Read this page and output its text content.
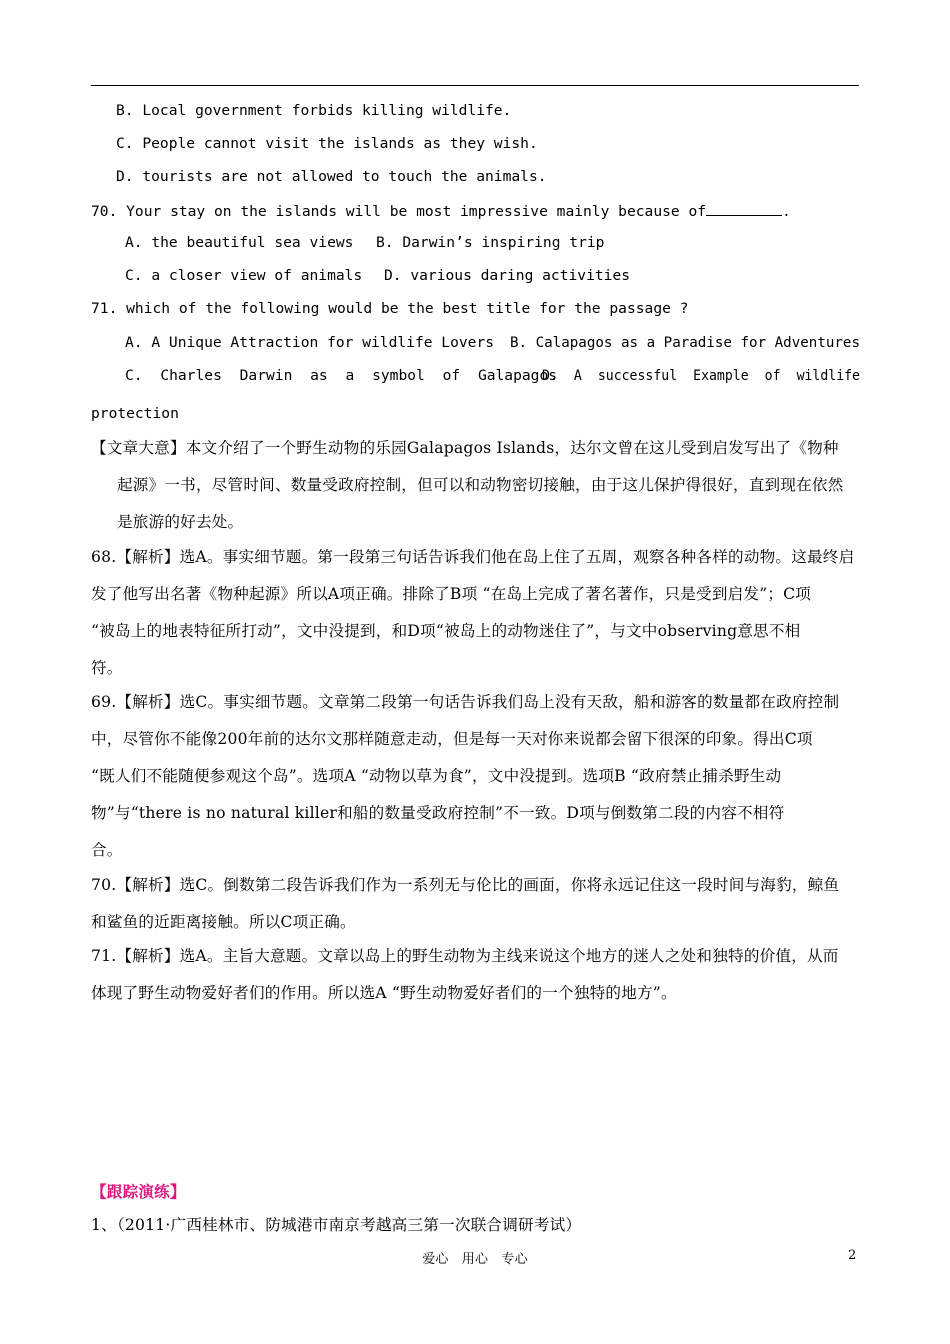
B. Local government forbids killing wildlife.
C. People cannot visit the islands as they wish.
D. tourists are not allowed to touch the animals.
70. Your stay on the islands will be most impressive mainly because of	.
A. the beautiful sea views B. Darwin’s inspiring trip
C. a closer view of animals D. various daring activities
71. which of the following would be the best title for the passage ?
A. A Unique Attraction for wildlife Lovers B. Calapagos as a Paradise for Adventures
C. Charles Darwin as a symbol of Galapagos
D. A successful Example of wildlife
protection
【文章大意】本文介绍了一个野生动物的乐园Galapagos Islands，达尔文曾在这儿受到启发写出了《物种
起源》一书，尽管时间、数量受政府控制，但可以和动物密切接触，由于这儿保护得很好，直到现在依然
是旅游的好去处。
68.【解析】选A。事实细节题。第一段第三句话告诉我们他在岛上住了五周，观察各种各样的动物。这最终启
发了他写出名著《物种起源》所以A项正确。排除了B项 “在岛上完成了著名著作，只是受到启发”；C项
“被岛上的地表特征所打动”，文中没提到，和D项“被岛上的动物迷住了”，与文中observing意思不相
符。
69.【解析】选C。事实细节题。文章第二段第一句话告诉我们岛上没有天敌，船和游客的数量都在政府控制
中，尽管你不能像200年前的达尔文那样随意走动，但是每一天对你来说都会留下很深的印象。得出C项
“既人们不能随便参观这个岛”。选项A “动物以草为食”，文中没提到。选项B “政府禁止捕杀野生动
物”与“there is no natural killer和船的数量受政府控制”不一致。D项与倒数第二段的内容不相符
合。
70.【解析】选C。倒数第二段告诉我们作为一系列无与伦比的画面，你将永远记住这一段时间与海豹，鲸鱼
和鲨鱼的近距离接触。所以C项正确。
71.【解析】选A。主旨大意题。文章以岛上的野生动物为主线来说这个地方的迷人之处和独特的价值，从而
体现了野生动物爱好者们的作用。所以选A “野生动物爱好者们的一个独特的地方”。
【跟踪演练】
1、（2011·广西桂林市、防城港市南京考越高三第一次联合调研考试）
爱心　用心　专心	2
